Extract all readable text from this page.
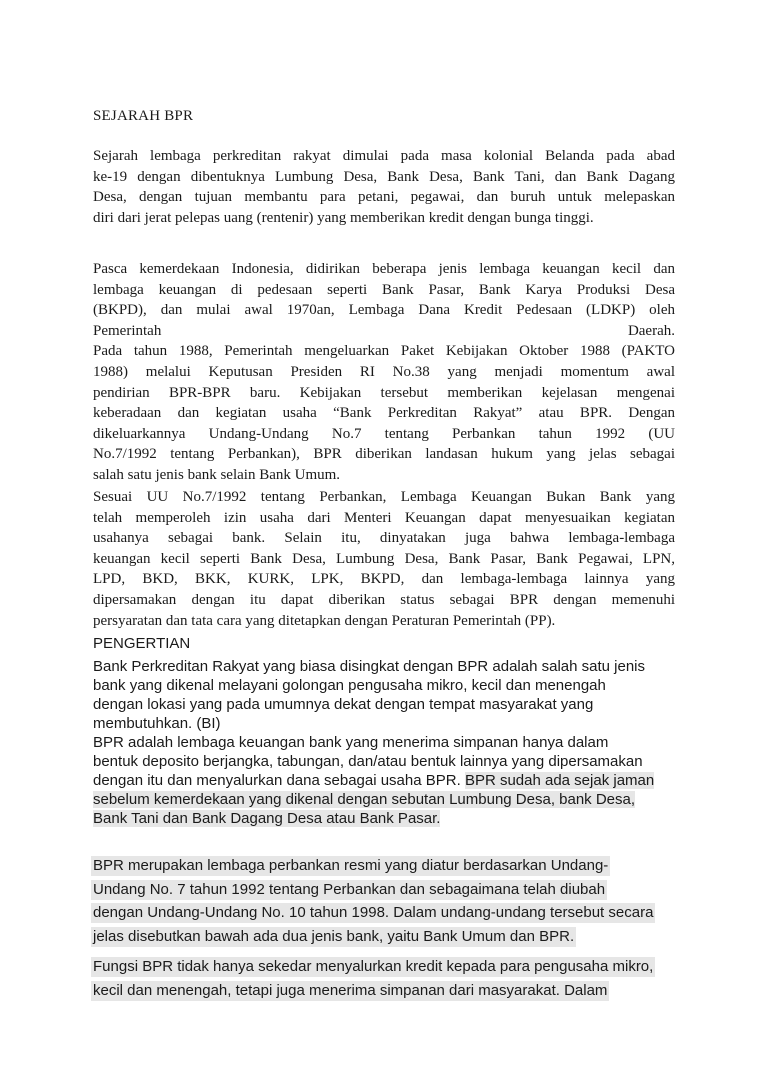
SEJARAH BPR
Sejarah lembaga perkreditan rakyat dimulai pada masa kolonial Belanda pada abad
ke-19 dengan dibentuknya Lumbung Desa, Bank Desa, Bank Tani, dan Bank Dagang
Desa, dengan tujuan membantu para petani, pegawai, dan buruh untuk melepaskan
diri dari jerat pelepas uang (rentenir) yang memberikan kredit dengan bunga tinggi.
Pasca kemerdekaan Indonesia, didirikan beberapa jenis lembaga keuangan kecil dan
lembaga keuangan di pedesaan seperti Bank Pasar, Bank Karya Produksi Desa
(BKPD), dan mulai awal 1970an, Lembaga Dana Kredit Pedesaan (LDKP) oleh
Pemerintah	Daerah.
Pada tahun 1988, Pemerintah mengeluarkan Paket Kebijakan Oktober 1988 (PAKTO
1988) melalui Keputusan Presiden RI No.38 yang menjadi momentum awal
pendirian BPR-BPR baru. Kebijakan tersebut memberikan kejelasan mengenai
keberadaan dan kegiatan usaha “Bank Perkreditan Rakyat” atau BPR. Dengan
dikeluarkannya Undang-Undang No.7 tentang Perbankan tahun 1992 (UU
No.7/1992 tentang Perbankan), BPR diberikan landasan hukum yang jelas sebagai
salah satu jenis bank selain Bank Umum.
Sesuai UU No.7/1992 tentang Perbankan, Lembaga Keuangan Bukan Bank yang
telah memperoleh izin usaha dari Menteri Keuangan dapat menyesuaikan kegiatan
usahanya sebagai bank. Selain itu, dinyatakan juga bahwa lembaga-lembaga
keuangan kecil seperti Bank Desa, Lumbung Desa, Bank Pasar, Bank Pegawai, LPN,
LPD, BKD, BKK, KURK, LPK, BKPD, dan lembaga-lembaga lainnya yang
dipersamakan dengan itu dapat diberikan status sebagai BPR dengan memenuhi
persyaratan dan tata cara yang ditetapkan dengan Peraturan Pemerintah (PP).
PENGERTIAN
Bank Perkreditan Rakyat yang biasa disingkat dengan BPR adalah salah satu jenis
bank yang dikenal melayani golongan pengusaha mikro, kecil dan menengah
dengan lokasi yang pada umumnya dekat dengan tempat masyarakat yang
membutuhkan. (BI)
BPR adalah lembaga keuangan bank yang menerima simpanan hanya dalam
bentuk deposito berjangka, tabungan, dan/atau bentuk lainnya yang dipersamakan
dengan itu dan menyalurkan dana sebagai usaha BPR. BPR sudah ada sejak jaman
sebelum kemerdekaan yang dikenal dengan sebutan Lumbung Desa, bank Desa,
Bank Tani dan Bank Dagang Desa atau Bank Pasar.
BPR merupakan lembaga perbankan resmi yang diatur berdasarkan Undang-
Undang No. 7 tahun 1992 tentang Perbankan dan sebagaimana telah diubah
dengan Undang-Undang No. 10 tahun 1998. Dalam undang-undang tersebut secara
jelas disebutkan bawah ada dua jenis bank, yaitu Bank Umum dan BPR.
Fungsi BPR tidak hanya sekedar menyalurkan kredit kepada para pengusaha mikro,
kecil dan menengah, tetapi juga menerima simpanan dari masyarakat. Dalam
